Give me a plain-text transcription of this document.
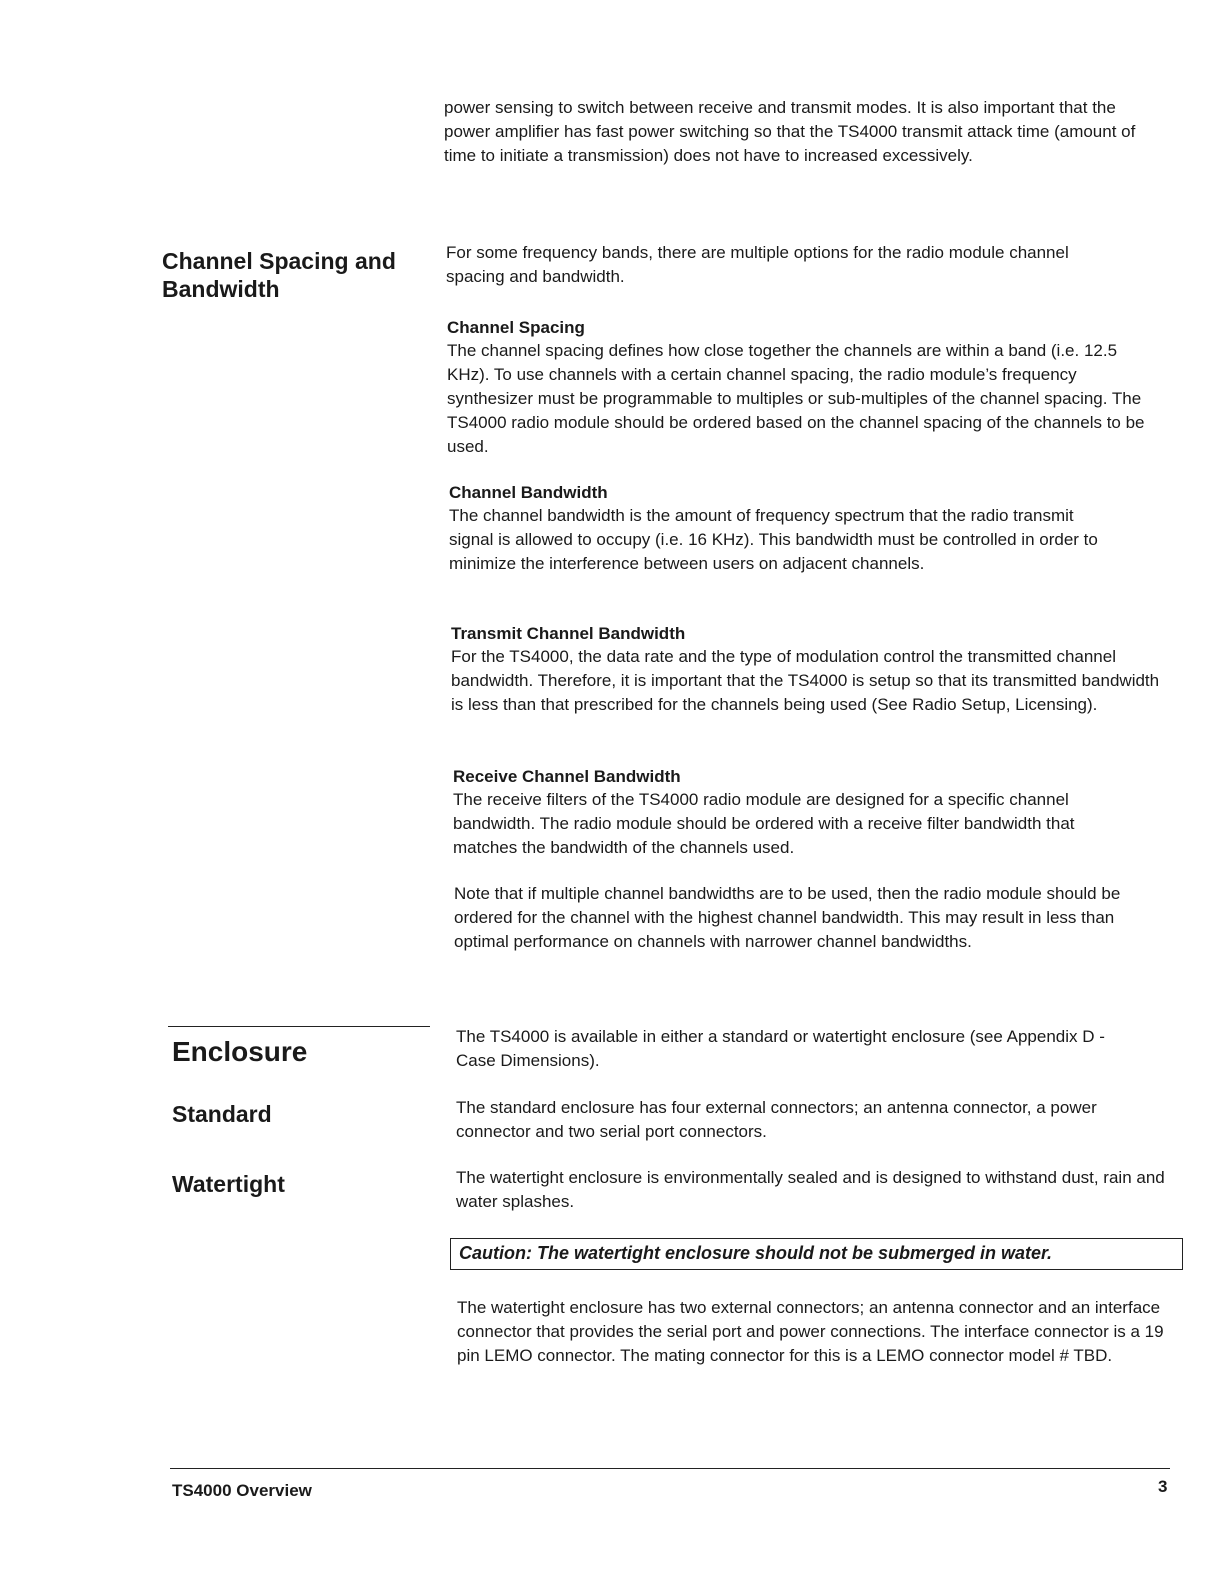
power sensing to switch between receive and transmit modes. It is also important that the power amplifier has fast power switching so that the TS4000 transmit attack time (amount of time to initiate a transmission) does not have to increased excessively.

Channel Spacing and

Bandwidth

For some frequency bands, there are multiple options for the radio module channel spacing and bandwidth.

Channel Spacing

The channel spacing defines how close together the channels are within a band (i.e. 12.5 KHz). To use channels with a certain channel spacing, the radio module’s frequency synthesizer must be programmable to multiples or sub-multiples of the channel spacing. The TS4000 radio module should be ordered based on the channel spacing of the channels to be used.

Channel Bandwidth

The channel bandwidth is the amount of frequency spectrum that the radio transmit signal is allowed to occupy (i.e. 16 KHz). This bandwidth must be controlled in order to minimize the interference between users on adjacent channels.

Transmit Channel Bandwidth

For the TS4000, the data rate and the type of modulation control the transmitted channel bandwidth. Therefore, it is important that the TS4000 is setup so that its transmitted bandwidth is less than that prescribed for the channels being used (See Radio Setup, Licensing).

Receive Channel Bandwidth

The receive filters of the TS4000 radio module are designed for a specific channel bandwidth. The radio module should be ordered with a receive filter bandwidth that matches the bandwidth of the channels used.

Note that if multiple channel bandwidths are to be used, then the radio module should be ordered for the channel with the highest channel bandwidth. This may result in less than optimal performance on channels with narrower channel bandwidths.

Enclosure	The TS4000 is available in either a standard or watertight enclosure (see Appendix D - Case Dimensions).

Standard	The standard enclosure has four external connectors; an antenna connector, a power connector and two serial port connectors.

Watertight	The watertight enclosure is environmentally sealed and is designed to withstand dust, rain and water splashes.

Caution: The watertight enclosure should not be submerged in water.

The watertight enclosure has two external connectors; an antenna connector and an interface connector that provides the serial port and power connections. The interface connector is a 19 pin LEMO connector. The mating connector for this is a LEMO connector model # TBD.

TS4000 Overview	3
